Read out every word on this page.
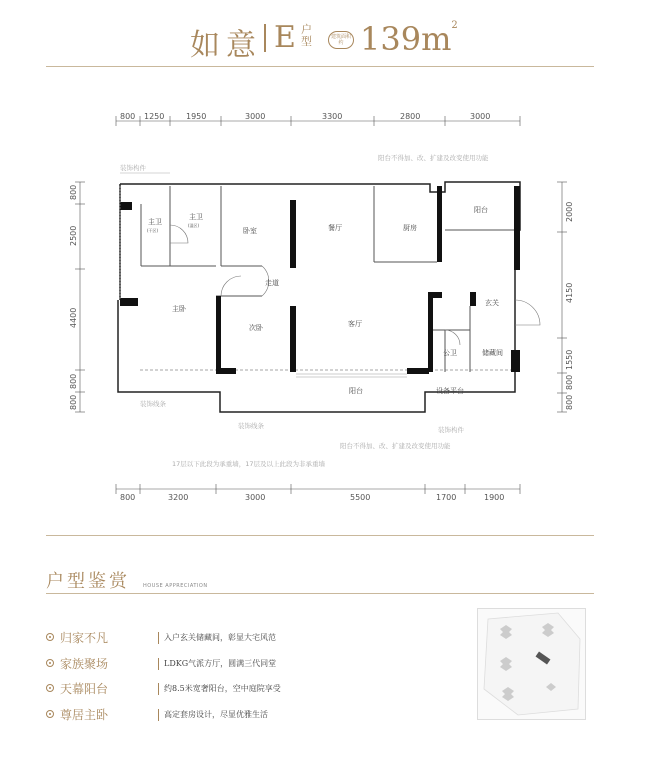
如意 E 户型	建筑面积约 $139m^2$
800 1250	1950	3000	3300	2800	3000
800
2500
4400
800
800
2000
4150
1550
800
800
800	3200	3000	5500	1700	1900
主卫
(干区)
主卫
(湿区)
卧室	餐厅	厨房
阳台
走道
主卧
次卧	客厅
玄关
公卫	储藏间
阳台	设备平台
装饰构件
阳台不得加、改、扩建及改变使用功能
装饰线条
装饰线条	装饰构件
阳台不得加、改、扩建及改变使用功能
17层以下此段为承重墙，17层及以上此段为非承重墙
户型鉴赏	HOUSE APPRECIATION
归家不凡	入户玄关储藏间，彰显大宅风范
家族聚场	LDKG气派方厅，圆满三代同堂
天幕阳台	约8.5米宽奢阳台，空中庭院享受
尊居主卧	高定套房设计，尽显优雅生活
